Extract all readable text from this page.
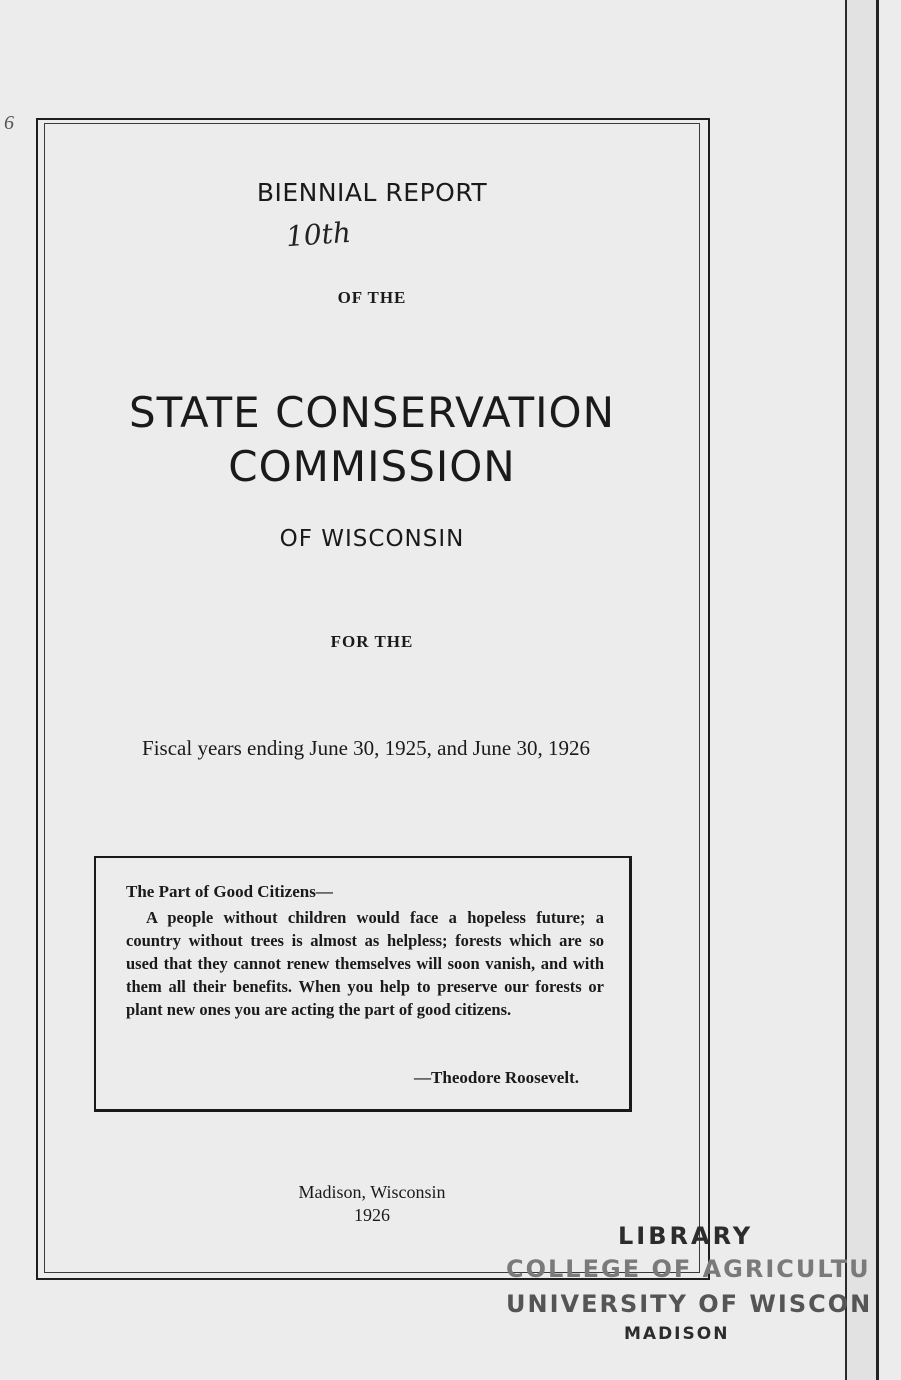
6
BIENNIAL REPORT
10th
OF THE
STATE CONSERVATION
COMMISSION
OF WISCONSIN
FOR THE
Fiscal years ending June 30, 1925, and June 30, 1926
The Part of Good Citizens—
A people without children would face a hopeless future; a country without trees is almost as helpless; forests which are so used that they cannot renew themselves will soon vanish, and with them all their benefits. When you help to preserve our forests or plant new ones you are acting the part of good citizens.
—Theodore Roosevelt.
Madison, Wisconsin
1926
LIBRARY
COLLEGE OF AGRICULTU
UNIVERSITY OF WISCON
MADISON
